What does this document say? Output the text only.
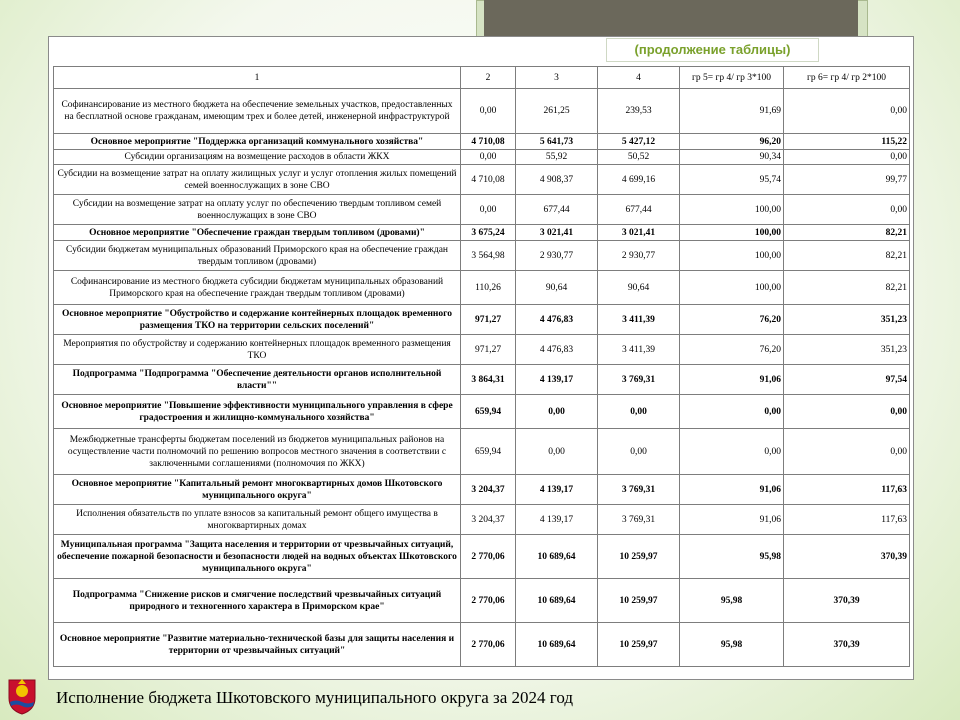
(продолжение таблицы)
1	2	3	4	гр 5= гр 4/ гр 3*100	гр 6= гр 4/ гр 2*100
Софинансирование из местного бюджета на обеспечение земельных участков, предоставленных на бесплатной основе гражданам, имеющим трех и более детей, инженерной инфраструктурой	0,00	261,25	239,53	91,69	0,00
Основное мероприятие "Поддержка организаций коммунального хозяйства"	4 710,08	5 641,73	5 427,12	96,20	115,22
Субсидии организациям на возмещение расходов в области ЖКХ	0,00	55,92	50,52	90,34	0,00
Субсидии на возмещение затрат на оплату жилищных услуг и услуг отопления жилых помещений семей военнослужащих в зоне СВО	4 710,08	4 908,37	4 699,16	95,74	99,77
Субсидии на возмещение затрат на оплату услуг по обеспечению твердым топливом семей военнослужащих в зоне СВО	0,00	677,44	677,44	100,00	0,00
Основное мероприятие "Обеспечение граждан твердым топливом (дровами)"	3 675,24	3 021,41	3 021,41	100,00	82,21
Субсидии бюджетам муниципальных образований Приморского края на обеспечение граждан твердым топливом (дровами)	3 564,98	2 930,77	2 930,77	100,00	82,21
Софинансирование из местного бюджета субсидии бюджетам муниципальных образований Приморского края на обеспечение граждан твердым топливом (дровами)	110,26	90,64	90,64	100,00	82,21
Основное мероприятие "Обустройство и содержание контейнерных площадок временного размещения ТКО на территории сельских поселений"	971,27	4 476,83	3 411,39	76,20	351,23
Мероприятия по обустройству и содержанию контейнерных площадок временного размещения ТКО	971,27	4 476,83	3 411,39	76,20	351,23
Подпрограмма "Подпрограмма "Обеспечение деятельности органов исполнительной власти""	3 864,31	4 139,17	3 769,31	91,06	97,54
Основное мероприятие "Повышение эффективности муниципального управления в сфере градостроения и жилищно-коммунального хозяйства"	659,94	0,00	0,00	0,00	0,00
Межбюджетные трансферты бюджетам поселений из бюджетов муниципальных районов на осуществление части полномочий по решению вопросов местного значения в соответствии с заключенными соглашениями (полномочия по ЖКХ)	659,94	0,00	0,00	0,00	0,00
Основное мероприятие "Капитальный ремонт многоквартирных домов Шкотовского муниципального округа"	3 204,37	4 139,17	3 769,31	91,06	117,63
Исполнения обязательств по уплате взносов за капитальный ремонт общего имущества в многоквартирных домах	3 204,37	4 139,17	3 769,31	91,06	117,63
Муниципальная программа "Защита населения и территории от чрезвычайных ситуаций, обеспечение пожарной безопасности и безопасности людей на водных объектах Шкотовского муниципального округа"	2 770,06	10 689,64	10 259,97	95,98	370,39
Подпрограмма "Снижение рисков и смягчение последствий чрезвычайных ситуаций природного и техногенного характера в Приморском крае"	2 770,06	10 689,64	10 259,97	95,98	370,39
Основное мероприятие "Развитие материально-технической базы для защиты населения и территории от чрезвычайных ситуаций"	2 770,06	10 689,64	10 259,97	95,98	370,39
Исполнение бюджета Шкотовского муниципального округа за 2024 год
